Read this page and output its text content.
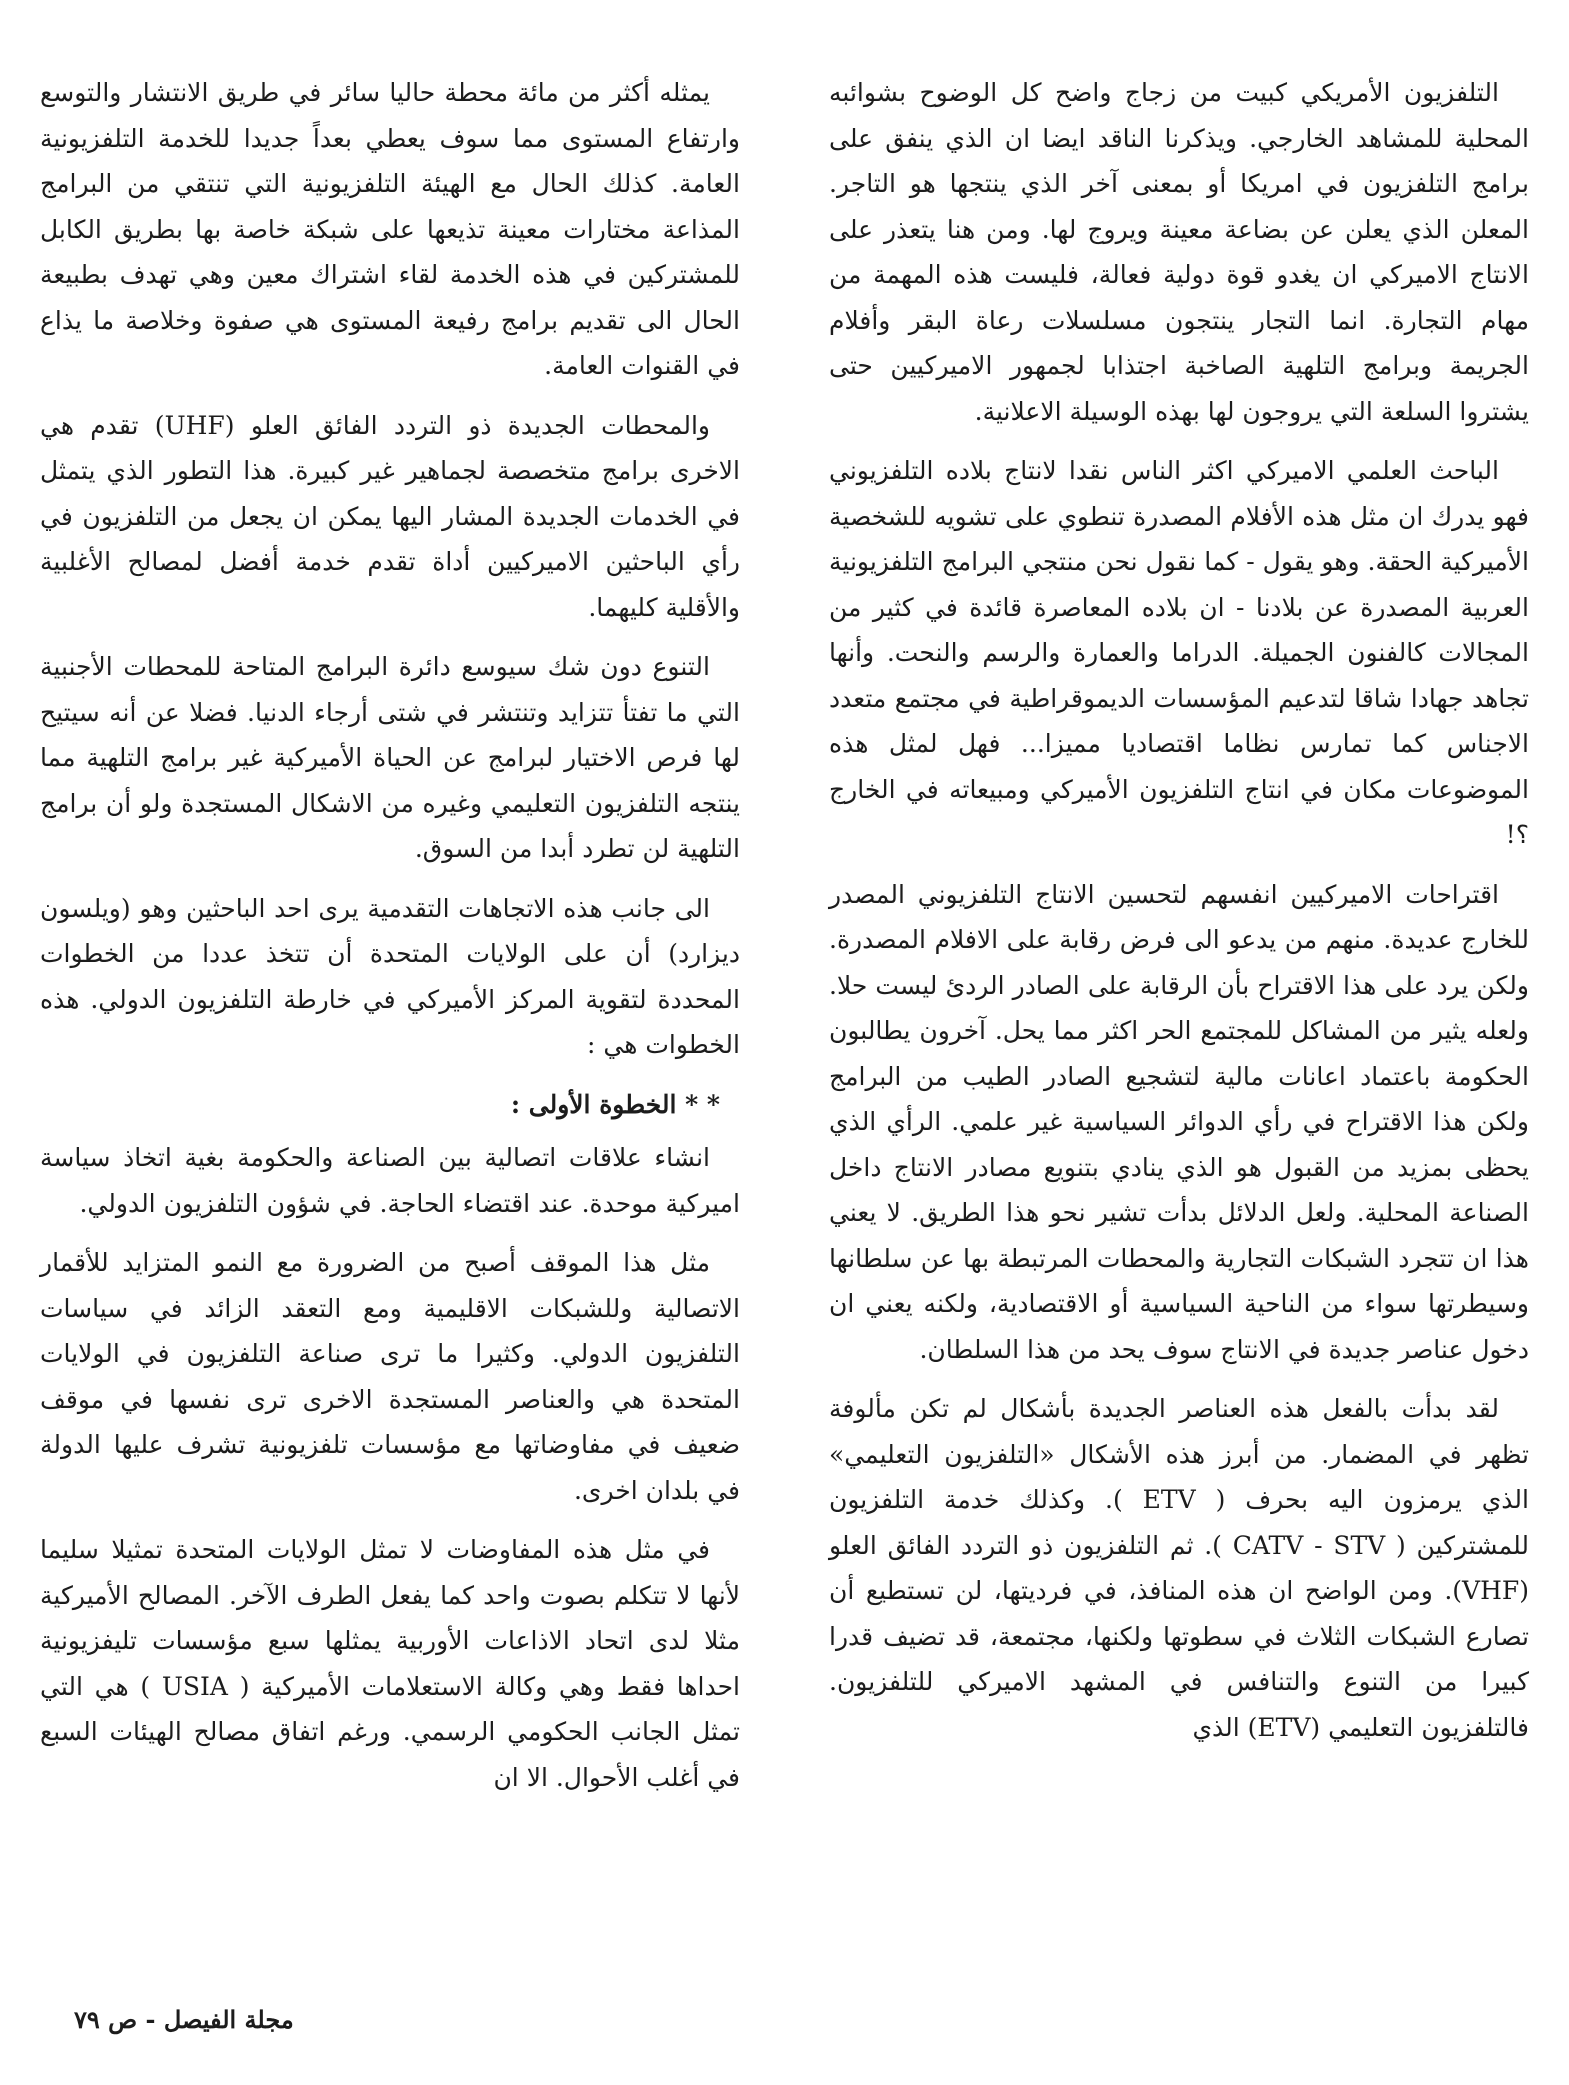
التلفزيون الأمريكي كبيت من زجاج واضح كل الوضوح بشوائبه المحلية للمشاهد الخارجي. ويذكرنا الناقد ايضا ان الذي ينفق على برامج التلفزيون في امريكا أو بمعنى آخر الذي ينتجها هو التاجر. المعلن الذي يعلن عن بضاعة معينة ويروج لها. ومن هنا يتعذر على الانتاج الاميركي ان يغدو قوة دولية فعالة، فليست هذه المهمة من مهام التجارة. انما التجار ينتجون مسلسلات رعاة البقر وأفلام الجريمة وبرامج التلهية الصاخبة اجتذابا لجمهور الاميركيين حتى يشتروا السلعة التي يروجون لها بهذه الوسيلة الاعلانية.

الباحث العلمي الاميركي اكثر الناس نقدا لانتاج بلاده التلفزيوني فهو يدرك ان مثل هذه الأفلام المصدرة تنطوي على تشويه للشخصية الأميركية الحقة. وهو يقول - كما نقول نحن منتجي البرامج التلفزيونية العربية المصدرة عن بلادنا - ان بلاده المعاصرة قائدة في كثير من المجالات كالفنون الجميلة. الدراما والعمارة والرسم والنحت. وأنها تجاهد جهادا شاقا لتدعيم المؤسسات الديموقراطية في مجتمع متعدد الاجناس كما تمارس نظاما اقتصاديا مميزا... فهل لمثل هذه الموضوعات مكان في انتاج التلفزيون الأميركي ومبيعاته في الخارج ؟!

اقتراحات الاميركيين انفسهم لتحسين الانتاج التلفزيوني المصدر للخارج عديدة. منهم من يدعو الى فرض رقابة على الافلام المصدرة. ولكن يرد على هذا الاقتراح بأن الرقابة على الصادر الردئ ليست حلا. ولعله يثير من المشاكل للمجتمع الحر اكثر مما يحل. آخرون يطالبون الحكومة باعتماد اعانات مالية لتشجيع الصادر الطيب من البرامج ولكن هذا الاقتراح في رأي الدوائر السياسية غير علمي. الرأي الذي يحظى بمزيد من القبول هو الذي ينادي بتنويع مصادر الانتاج داخل الصناعة المحلية. ولعل الدلائل بدأت تشير نحو هذا الطريق. لا يعني هذا ان تتجرد الشبكات التجارية والمحطات المرتبطة بها عن سلطانها وسيطرتها سواء من الناحية السياسية أو الاقتصادية، ولكنه يعني ان دخول عناصر جديدة في الانتاج سوف يحد من هذا السلطان.

لقد بدأت بالفعل هذه العناصر الجديدة بأشكال لم تكن مألوفة تظهر في المضمار. من أبرز هذه الأشكال «التلفزيون التعليمي» الذي يرمزون اليه بحرف ( ETV ). وكذلك خدمة التلفزيون للمشتركين ( CATV - STV ). ثم التلفزيون ذو التردد الفائق العلو (VHF). ومن الواضح ان هذه المنافذ، في فرديتها، لن تستطيع أن تصارع الشبكات الثلاث في سطوتها ولكنها، مجتمعة، قد تضيف قدرا كبيرا من التنوع والتنافس في المشهد الاميركي للتلفزيون. فالتلفزيون التعليمي (ETV) الذي

يمثله أكثر من مائة محطة حاليا سائر في طريق الانتشار والتوسع وارتفاع المستوى مما سوف يعطي بعداً جديدا للخدمة التلفزيونية العامة. كذلك الحال مع الهيئة التلفزيونية التي تنتقي من البرامج المذاعة مختارات معينة تذيعها على شبكة خاصة بها بطريق الكابل للمشتركين في هذه الخدمة لقاء اشتراك معين وهي تهدف بطبيعة الحال الى تقديم برامج رفيعة المستوى هي صفوة وخلاصة ما يذاع في القنوات العامة.

والمحطات الجديدة ذو التردد الفائق العلو (UHF) تقدم هي الاخرى برامج متخصصة لجماهير غير كبيرة. هذا التطور الذي يتمثل في الخدمات الجديدة المشار اليها يمكن ان يجعل من التلفزيون في رأي الباحثين الاميركيين أداة تقدم خدمة أفضل لمصالح الأغلبية والأقلية كليهما.

التنوع دون شك سيوسع دائرة البرامج المتاحة للمحطات الأجنبية التي ما تفتأ تتزايد وتنتشر في شتى أرجاء الدنيا. فضلا عن أنه سيتيح لها فرص الاختيار لبرامج عن الحياة الأميركية غير برامج التلهية مما ينتجه التلفزيون التعليمي وغيره من الاشكال المستجدة ولو أن برامج التلهية لن تطرد أبدا من السوق.

الى جانب هذه الاتجاهات التقدمية يرى احد الباحثين وهو (ويلسون ديزارد) أن على الولايات المتحدة أن تتخذ عددا من الخطوات المحددة لتقوية المركز الأميركي في خارطة التلفزيون الدولي. هذه الخطوات هي :

* * الخطوة الأولى :

انشاء علاقات اتصالية بين الصناعة والحكومة بغية اتخاذ سياسة اميركية موحدة. عند اقتضاء الحاجة. في شؤون التلفزيون الدولي.

مثل هذا الموقف أصبح من الضرورة مع النمو المتزايد للأقمار الاتصالية وللشبكات الاقليمية ومع التعقد الزائد في سياسات التلفزيون الدولي. وكثيرا ما ترى صناعة التلفزيون في الولايات المتحدة هي والعناصر المستجدة الاخرى ترى نفسها في موقف ضعيف في مفاوضاتها مع مؤسسات تلفزيونية تشرف عليها الدولة في بلدان اخرى.

في مثل هذه المفاوضات لا تمثل الولايات المتحدة تمثيلا سليما لأنها لا تتكلم بصوت واحد كما يفعل الطرف الآخر. المصالح الأميركية مثلا لدى اتحاد الاذاعات الأوربية يمثلها سبع مؤسسات تليفزيونية احداها فقط وهي وكالة الاستعلامات الأميركية ( USIA ) هي التي تمثل الجانب الحكومي الرسمي. ورغم اتفاق مصالح الهيئات السبع في أغلب الأحوال. الا ان

مجلة الفيصل - ص ٧٩
